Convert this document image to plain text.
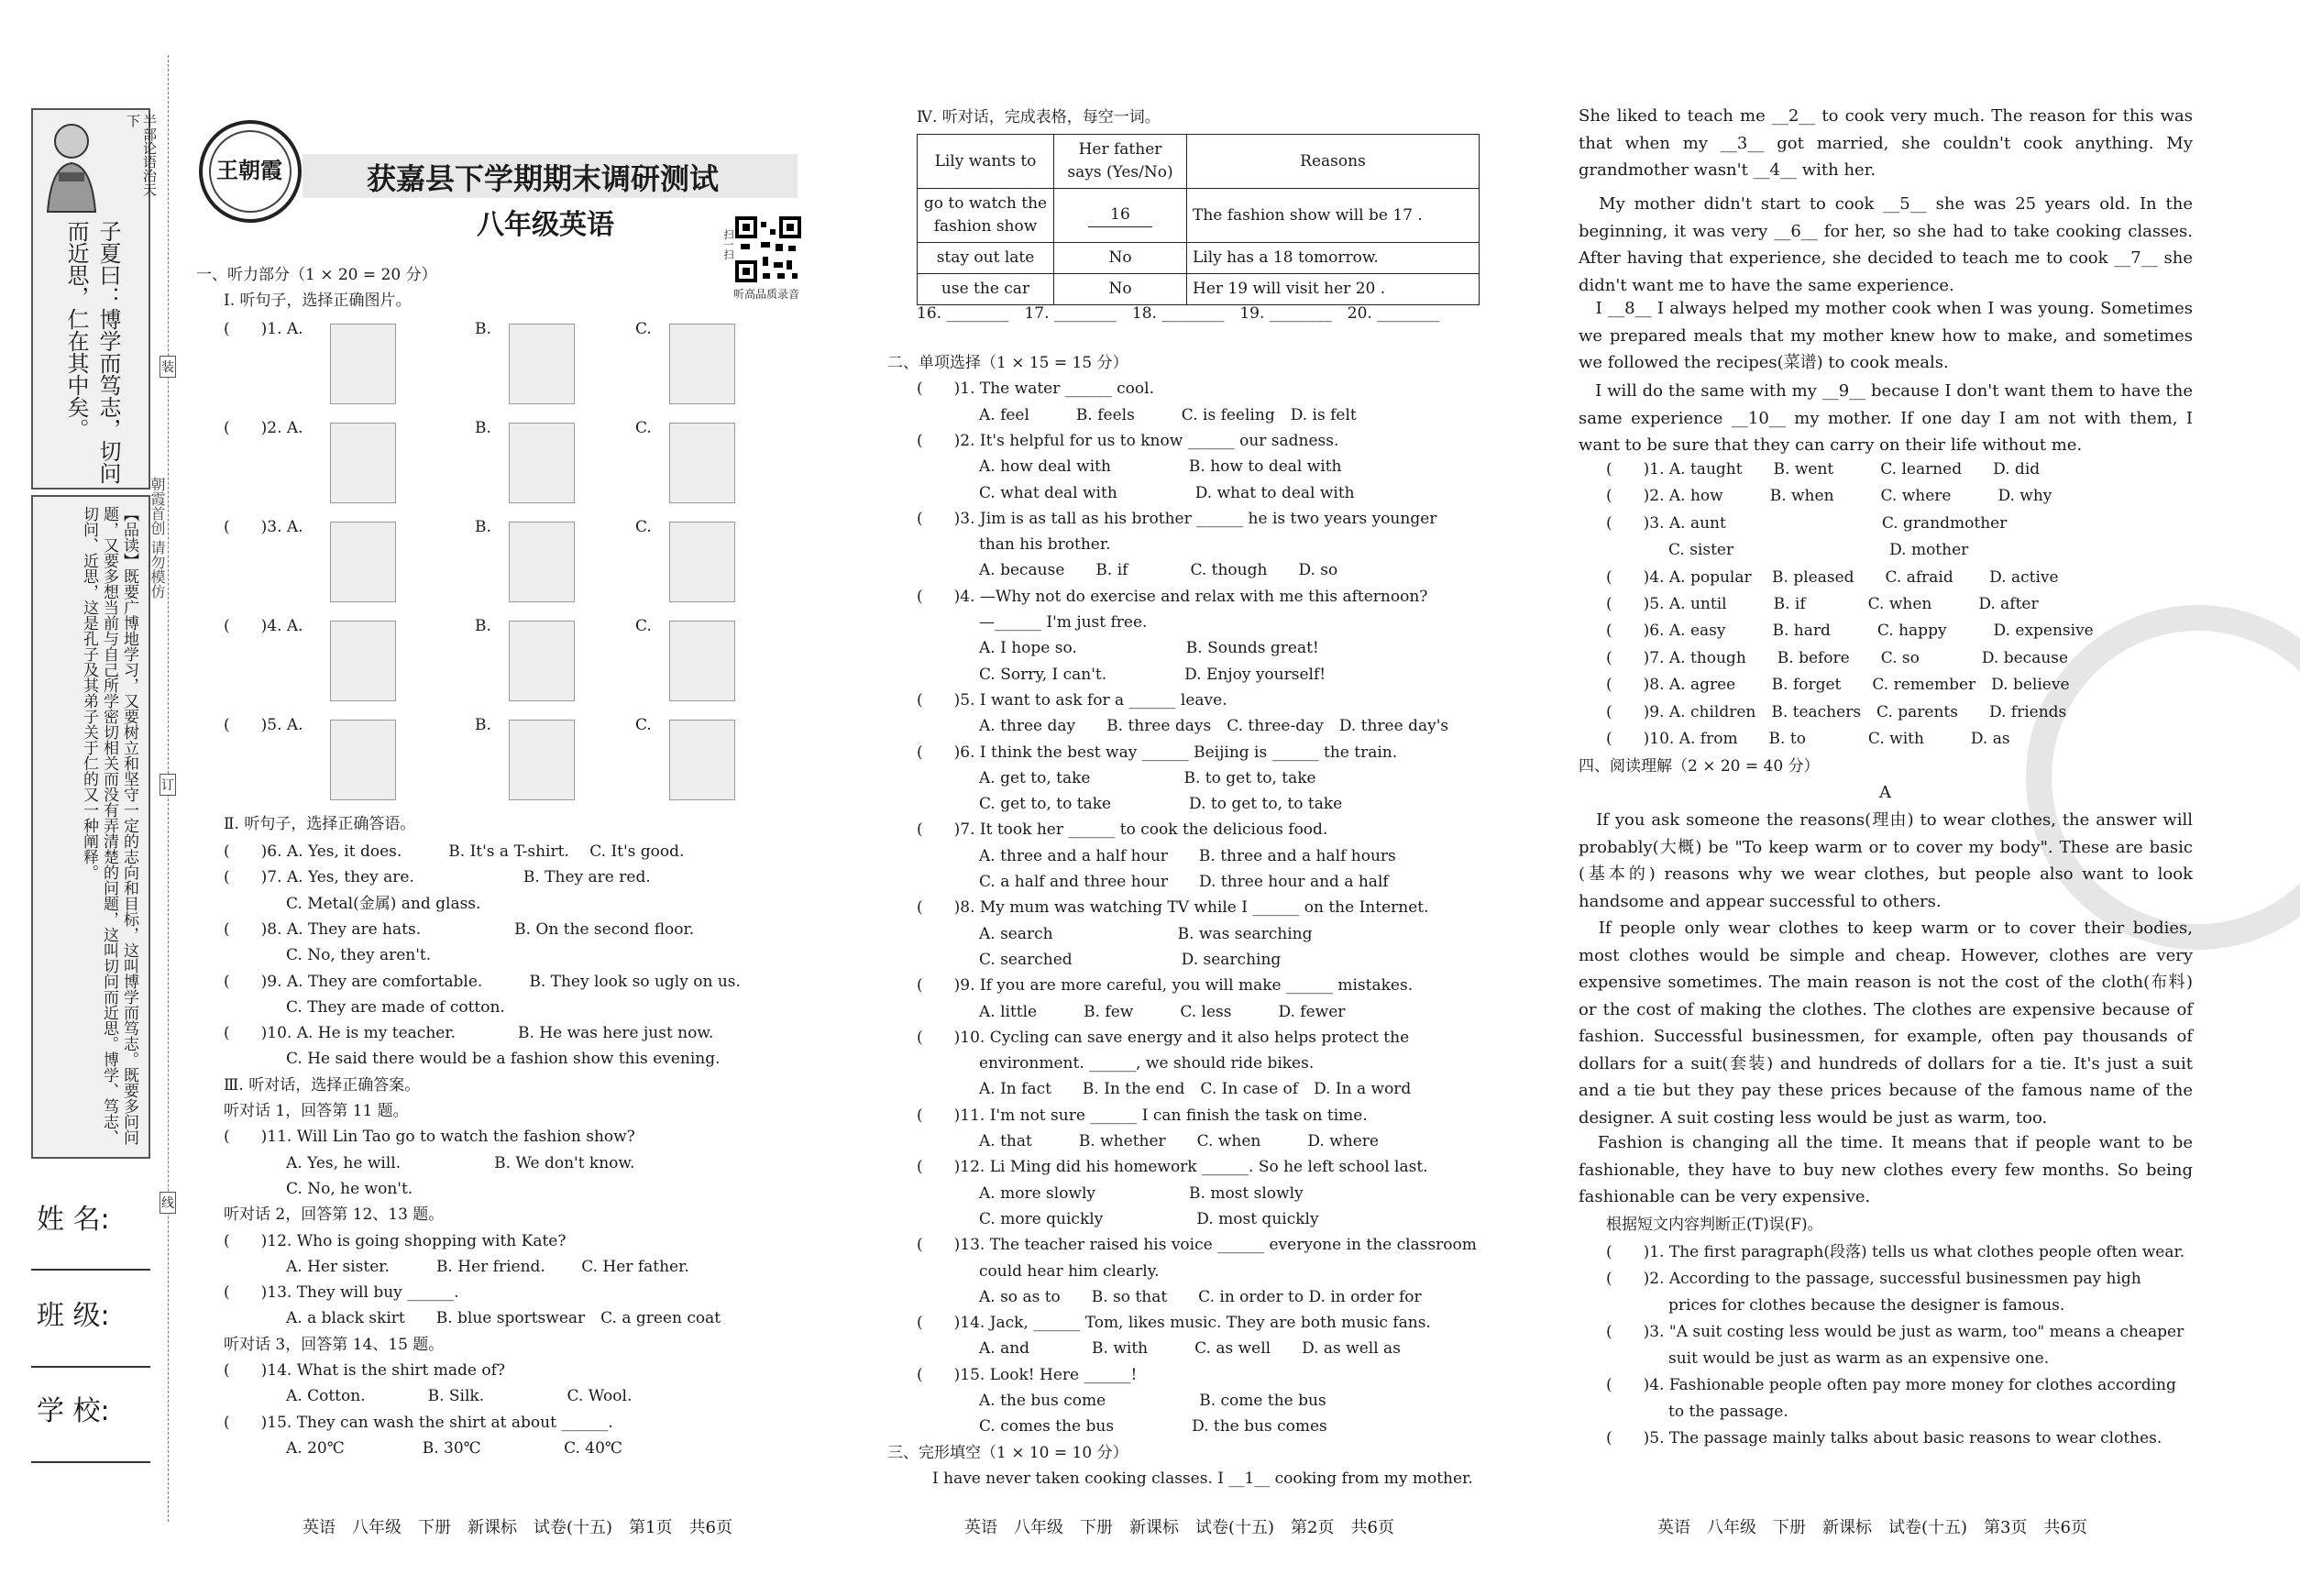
半部论语治天下
子夏曰：博学而笃志，切问
而近思，仁在其中矣。
【品读】既要广博地学习，又要树立和坚守一定的志向和目标，这叫博学而笃志。既要多问问题，又要多想当前与自己所学密切相关而没有弄清楚的问题，这叫切问而近思。博学、笃志、切问、近思，这是孔子及其弟子关于仁的又一种阐释。	朝霞首创 请勿模仿
装
订
线
姓 名:
班 级:
学 校:
王朝霞	获嘉县下学期期末调研测试
八年级英语
扫一扫
听高品质录音
一、听力部分（1 × 20 = 20 分）
Ⅰ. 听句子，选择正确图片。
(　　)1. A.	B.	C.
(　　)2. A.	B.	C.
(　　)3. A.	B.	C.
(　　)4. A.	B.	C.
(　　)5. A.	B.	C.
Ⅱ. 听句子，选择正确答语。
(　　)6. A. Yes, it does.　　　B. It's a T-shirt.　 C. It's good.
(　　)7. A. Yes, they are.　　　　　　　B. They are red.
　　　　C. Metal(金属) and glass.
(　　)8. A. They are hats.　　　　　　B. On the second floor.
　　　　C. No, they aren't.
(　　)9. A. They are comfortable.　　　B. They look so ugly on us.
　　　　C. They are made of cotton.
(　　)10. A. He is my teacher.　　　　B. He was here just now.
　　　　C. He said there would be a fashion show this evening.
Ⅲ. 听对话，选择正确答案。
听对话 1，回答第 11 题。
(　　)11. Will Lin Tao go to watch the fashion show?
　　　　A. Yes, he will.　　　　　　B. We don't know.
　　　　C. No, he won't.
听对话 2，回答第 12、13 题。
(　　)12. Who is going shopping with Kate?
　　　　A. Her sister.　　　B. Her friend.　　 C. Her father.
(　　)13. They will buy ______.
　　　　A. a black skirt　　B. blue sportswear　C. a green coat
听对话 3，回答第 14、15 题。
(　　)14. What is the shirt made of?
　　　　A. Cotton.　　　　B. Silk.　　　　　 C. Wool.
(　　)15. They can wash the shirt at about ______.
　　　　A. 20℃　　　　　B. 30℃　　　　　 C. 40℃
英语　八年级　下册　新课标　试卷(十五)　第1页　共6页
Ⅳ. 听对话，完成表格，每空一词。
Lily wants to	Her father says (Yes/No)	Reasons
go to watch the fashion show	16	The fashion show will be 17 .
stay out late	No	Lily has a 18 tomorrow.
use the car	No	Her 19 will visit her 20 .
16. ________　17. ________　18. ________　19. ________　20. ________
二、单项选择（1 × 15 = 15 分）
(　　)1. The water ______ cool.
　　　　A. feel　　　B. feels　　　C. is feeling　D. is felt
(　　)2. It's helpful for us to know ______ our sadness.
　　　　A. how deal with　　　　　B. how to deal with
　　　　C. what deal with　　　　　D. what to deal with
(　　)3. Jim is as tall as his brother ______ he is two years younger
　　　　than his brother.
　　　　A. because　　B. if　　　　C. though　　D. so
(　　)4. —Why not do exercise and relax with me this afternoon?
　　　　—______ I'm just free.
　　　　A. I hope so.　　　　　　　B. Sounds great!
　　　　C. Sorry, I can't.　　　　　D. Enjoy yourself!
(　　)5. I want to ask for a ______ leave.
　　　　A. three day　　B. three days　C. three-day　D. three day's
(　　)6. I think the best way ______ Beijing is ______ the train.
　　　　A. get to, take　　　　　　B. to get to, take
　　　　C. get to, to take　　　　　D. to get to, to take
(　　)7. It took her ______ to cook the delicious food.
　　　　A. three and a half hour　　B. three and a half hours
　　　　C. a half and three hour　　D. three hour and a half
(　　)8. My mum was watching TV while I ______ on the Internet.
　　　　A. search　　　　　　　　B. was searching
　　　　C. searched　　　　　　　D. searching
(　　)9. If you are more careful, you will make ______ mistakes.
　　　　A. little　　　B. few　　　C. less　　　D. fewer
(　　)10. Cycling can save energy and it also helps protect the
　　　　environment. ______, we should ride bikes.
　　　　A. In fact　　B. In the end　C. In case of　D. In a word
(　　)11. I'm not sure ______ I can finish the task on time.
　　　　A. that　　　B. whether　　C. when　　　D. where
(　　)12. Li Ming did his homework ______. So he left school last.
　　　　A. more slowly　　　　　　B. most slowly
　　　　C. more quickly　　　　　　D. most quickly
(　　)13. The teacher raised his voice ______ everyone in the classroom
　　　　could hear him clearly.
　　　　A. so as to　　B. so that　　C. in order to D. in order for
(　　)14. Jack, ______ Tom, likes music. They are both music fans.
　　　　A. and　　　　B. with　　　C. as well　　D. as well as
(　　)15. Look! Here ______!
　　　　A. the bus come　　　　　　B. come the bus
　　　　C. comes the bus　　　　　D. the bus comes
三、完形填空（1 × 10 = 10 分）
　I have never taken cooking classes. I __1__ cooking from my mother.
英语　八年级　下册　新课标　试卷(十五)　第2页　共6页
She liked to teach me __2__ to cook very much. The reason for this was that when my __3__ got married, she couldn't cook anything. My grandmother wasn't __4__ with her.
　My mother didn't start to cook __5__ she was 25 years old. In the beginning, it was very __6__ for her, so she had to take cooking classes. After having that experience, she decided to teach me to cook __7__ she didn't want me to have the same experience.
　I __8__ I always helped my mother cook when I was young. Sometimes we prepared meals that my mother knew how to make, and sometimes we followed the recipes(菜谱) to cook meals.
　I will do the same with my __9__ because I don't want them to have the same experience __10__ my mother. If one day I am not with them, I want to be sure that they can carry on their life without me.
(　　)1. A. taught　　B. went　　　C. learned　　D. did
(　　)2. A. how　　　B. when　　　C. where　　　D. why
(　　)3. A. aunt　　　　　　　　　　C. grandmother
　　　　C. sister　　　　　　　　　　D. mother
(　　)4. A. popular　 B. pleased　　C. afraid　　 D. active
(　　)5. A. until　　　B. if　　　　C. when　　　D. after
(　　)6. A. easy　　　B. hard　　　C. happy　　　D. expensive
(　　)7. A. though　　B. before　　C. so　　　　D. because
(　　)8. A. agree　　 B. forget　　C. remember　D. believe
(　　)9. A. children　B. teachers　C. parents　　D. friends
(　　)10. A. from　　B. to　　　　C. with　　　D. as
四、阅读理解（2 × 20 = 40 分）
A
　If you ask someone the reasons(理由) to wear clothes, the answer will probably(大概) be "To keep warm or to cover my body". These are basic (基本的) reasons why we wear clothes, but people also want to look handsome and appear successful to others.
　If people only wear clothes to keep warm or to cover their bodies, most clothes would be simple and cheap. However, clothes are very expensive sometimes. The main reason is not the cost of the cloth(布料) or the cost of making the clothes. The clothes are expensive because of fashion. Successful businessmen, for example, often pay thousands of dollars for a suit(套装) and hundreds of dollars for a tie. It's just a suit and a tie but they pay these prices because of the famous name of the designer. A suit costing less would be just as warm, too.
　Fashion is changing all the time. It means that if people want to be fashionable, they have to buy new clothes every few months. So being fashionable can be very expensive.
根据短文内容判断正(T)误(F)。
(　　)1. The first paragraph(段落) tells us what clothes people often wear.
(　　)2. According to the passage, successful businessmen pay high
　　　　prices for clothes because the designer is famous.
(　　)3. "A suit costing less would be just as warm, too" means a cheaper
　　　　suit would be just as warm as an expensive one.
(　　)4. Fashionable people often pay more money for clothes according
　　　　to the passage.
(　　)5. The passage mainly talks about basic reasons to wear clothes.
英语　八年级　下册　新课标　试卷(十五)　第3页　共6页
